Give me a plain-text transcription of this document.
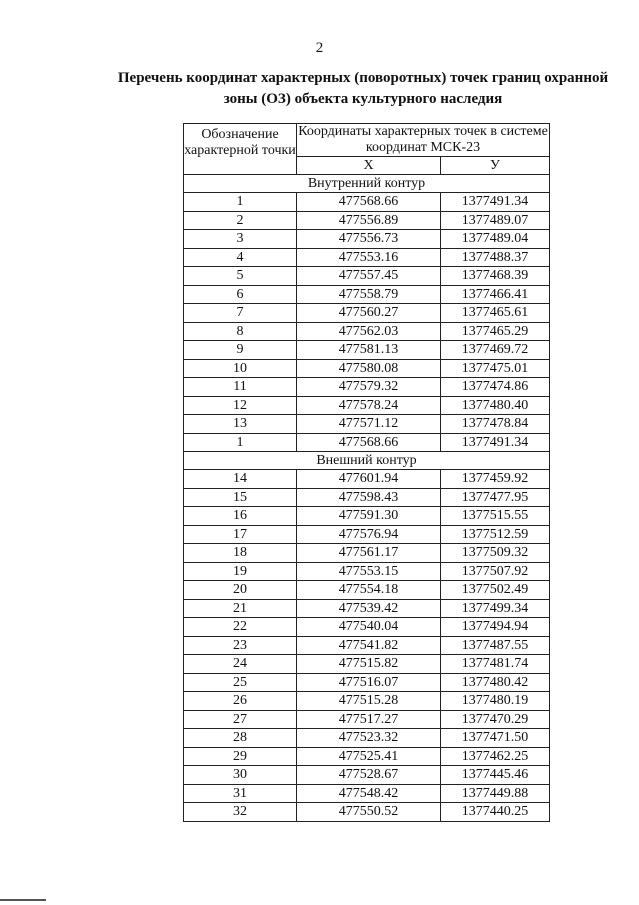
2
Перечень координат характерных (поворотных) точек границ охранной
зоны (ОЗ) объекта культурного наследия
Обозначение характерной точки	Координаты характерных точек в системе координат МСК-23	
	X	У
Внутренний контур		
1	477568.66	1377491.34
2	477556.89	1377489.07
3	477556.73	1377489.04
4	477553.16	1377488.37
5	477557.45	1377468.39
6	477558.79	1377466.41
7	477560.27	1377465.61
8	477562.03	1377465.29
9	477581.13	1377469.72
10	477580.08	1377475.01
11	477579.32	1377474.86
12	477578.24	1377480.40
13	477571.12	1377478.84
1	477568.66	1377491.34
Внешний контур		
14	477601.94	1377459.92
15	477598.43	1377477.95
16	477591.30	1377515.55
17	477576.94	1377512.59
18	477561.17	1377509.32
19	477553.15	1377507.92
20	477554.18	1377502.49
21	477539.42	1377499.34
22	477540.04	1377494.94
23	477541.82	1377487.55
24	477515.82	1377481.74
25	477516.07	1377480.42
26	477515.28	1377480.19
27	477517.27	1377470.29
28	477523.32	1377471.50
29	477525.41	1377462.25
30	477528.67	1377445.46
31	477548.42	1377449.88
32	477550.52	1377440.25
